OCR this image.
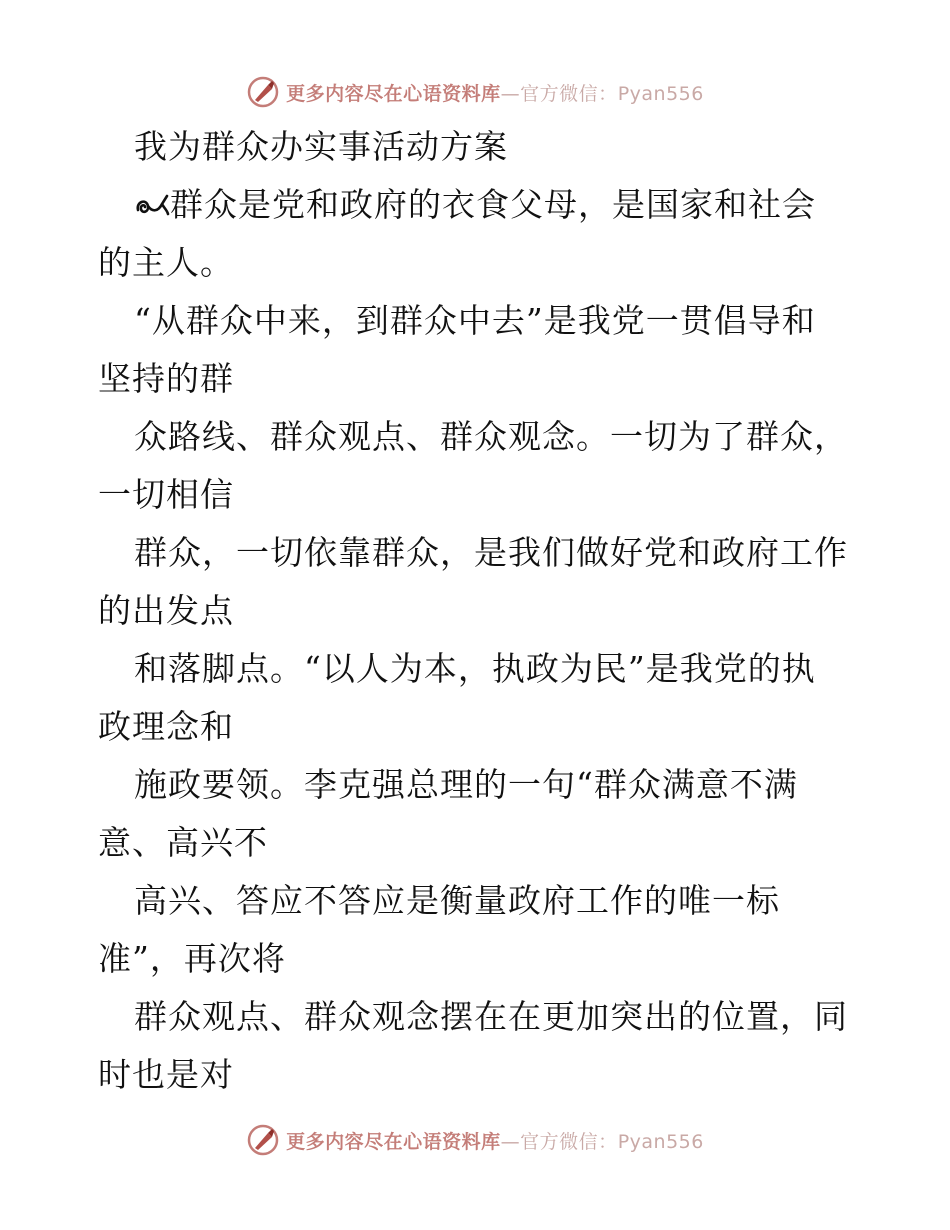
更多内容尽在心语资料库—官方微信：Pyan556
我为群众办实事活动方案
群众是党和政府的衣食父母，是国家和社会
的主人。
“从群众中来，到群众中去”是我党一贯倡导和
坚持的群
众路线、群众观点、群众观念。一切为了群众，
一切相信
群众，一切依靠群众，是我们做好党和政府工作
的出发点
和落脚点。“以人为本，执政为民”是我党的执
政理念和
施政要领。李克强总理的一句“群众满意不满
意、高兴不
高兴、答应不答应是衡量政府工作的唯一标
准”，再次将
群众观点、群众观念摆在在更加突出的位置，同
时也是对
更多内容尽在心语资料库—官方微信：Pyan556
